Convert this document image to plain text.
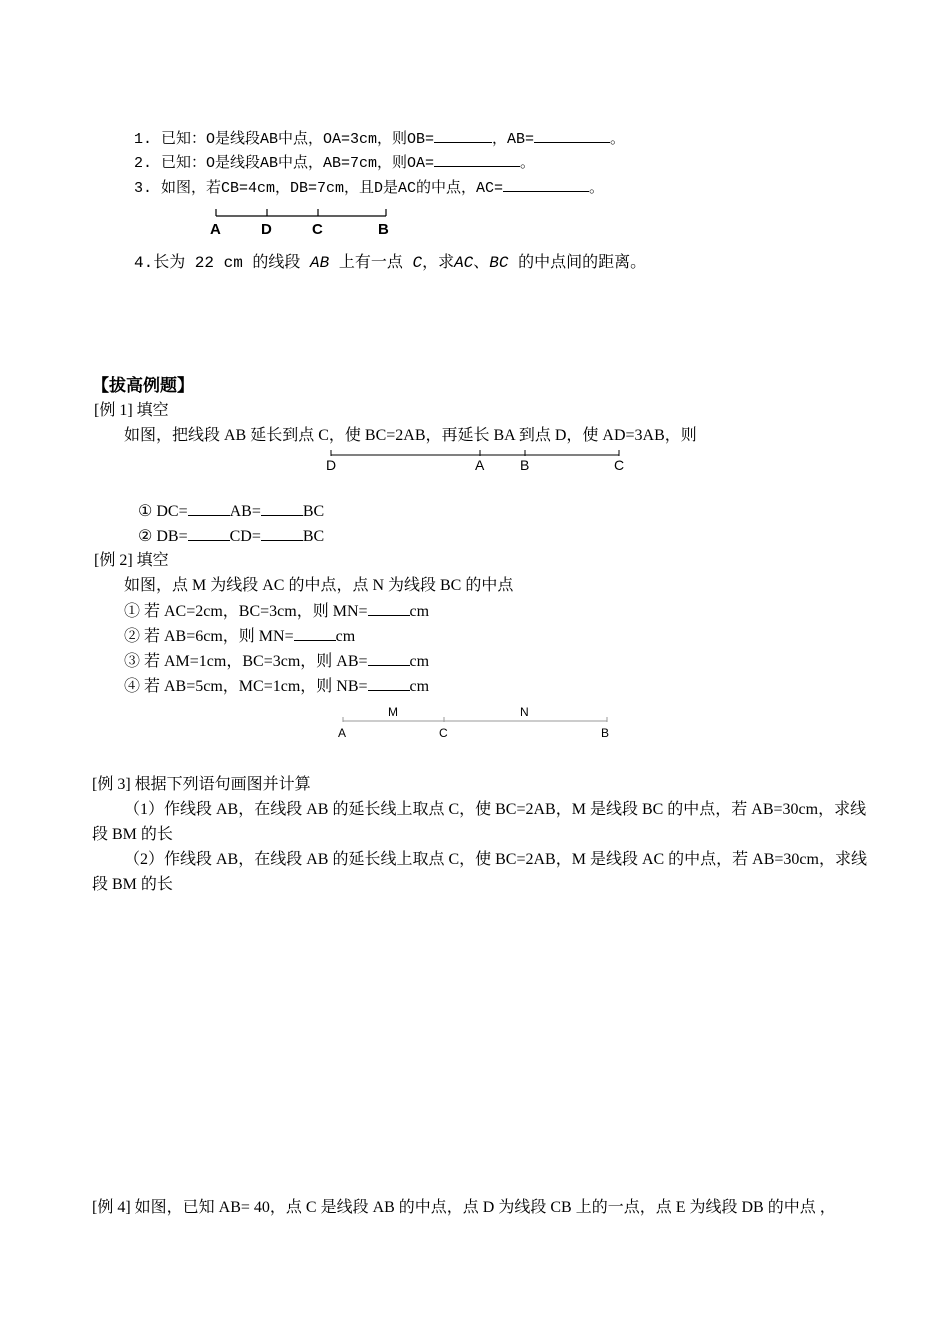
1. 已知：O是线段AB中点，OA=3cm，则OB=	，AB=	。
2. 已知：O是线段AB中点，AB=7cm，则OA=	。
3. 如图，若CB=4cm，DB=7cm，且D是AC的中点，AC=	。
A	D	C	B
4.长为 22 cm 的线段 AB 上有一点 C，求AC、BC 的中点间的距离。
【拔高例题】
[例 1] 填空
如图，把线段 AB 延长到点 C，使 BC=2AB，再延长 BA 到点 D，使 AD=3AB，则
D	A	B	C
① DC=	AB=	BC
② DB=	CD=	BC
[例 2] 填空
如图，点 M 为线段 AC 的中点，点 N 为线段 BC 的中点
① 若 AC=2cm，BC=3cm，则 MN=	cm
② 若 AB=6cm，则 MN=	cm
③ 若 AM=1cm，BC=3cm，则 AB=	cm
④ 若 AB=5cm，MC=1cm，则 NB=	cm
M	N
A	C	B
[例 3] 根据下列语句画图并计算
（1）作线段 AB，在线段 AB 的延长线上取点 C，使 BC=2AB，M 是线段 BC 的中点，若 AB=30cm，求线
段 BM 的长
（2）作线段 AB，在线段 AB 的延长线上取点 C，使 BC=2AB，M 是线段 AC 的中点，若 AB=30cm，求线
段 BM 的长
[例 4] 如图，已知 AB= 40，点 C 是线段 AB 的中点，点 D 为线段 CB 上的一点，点 E 为线段 DB 的中点 ，
